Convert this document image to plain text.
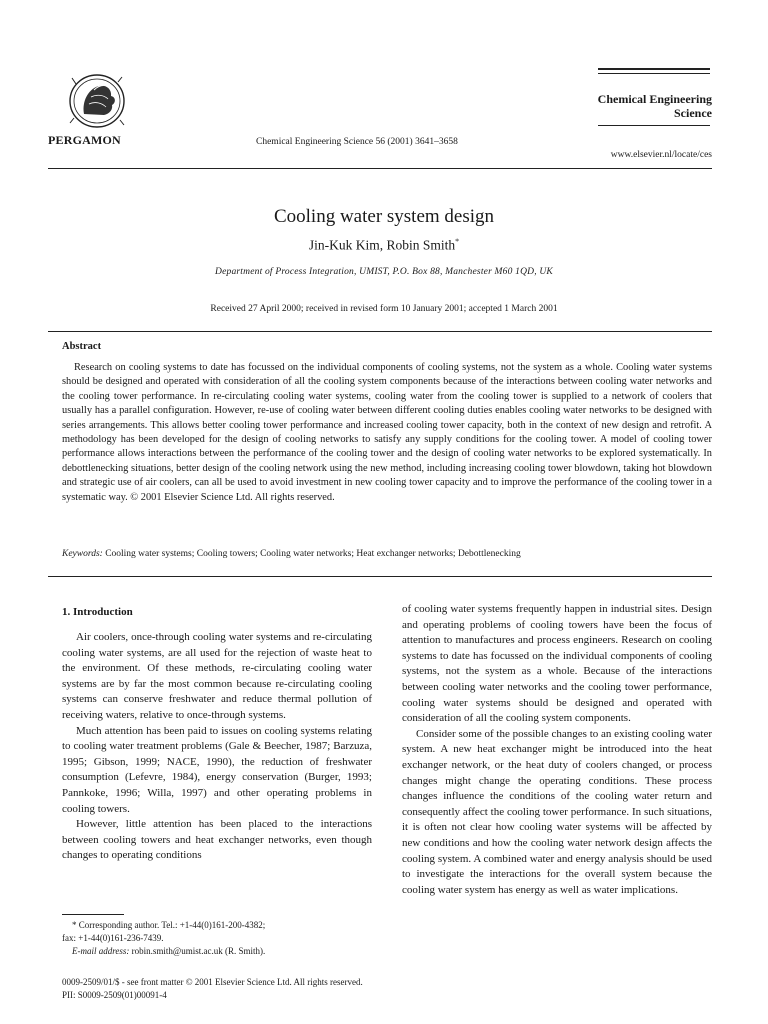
PERGAMON	Chemical Engineering Science 56 (2001) 3641–3658
Chemical Engineering Science
www.elsevier.nl/locate/ces
Cooling water system design
Jin-Kuk Kim, Robin Smith*
Department of Process Integration, UMIST, P.O. Box 88, Manchester M60 1QD, UK
Received 27 April 2000; received in revised form 10 January 2001; accepted 1 March 2001
Abstract
Research on cooling systems to date has focussed on the individual components of cooling systems, not the system as a whole. Cooling water systems should be designed and operated with consideration of all the cooling system components because of the interactions between cooling water networks and the cooling tower performance. In re-circulating cooling water systems, cooling water from the cooling tower is supplied to a network of coolers that usually has a parallel configuration. However, re-use of cooling water between different cooling duties enables cooling water networks to be designed with series arrangements. This allows better cooling tower performance and increased cooling tower capacity, both in the context of new design and retrofit. A methodology has been developed for the design of cooling networks to satisfy any supply conditions for the cooling tower. A model of cooling tower performance allows interactions between the performance of the cooling tower and the design of cooling water networks to be explored systematically. In debottlenecking situations, better design of the cooling network using the new method, including increasing cooling tower blowdown, taking hot blowdown and strategic use of air coolers, can all be used to avoid investment in new cooling tower capacity and to improve the performance of the cooling tower in a systematic way. © 2001 Elsevier Science Ltd. All rights reserved.
Keywords: Cooling water systems; Cooling towers; Cooling water networks; Heat exchanger networks; Debottlenecking
1. Introduction

Air coolers, once-through cooling water systems and re-circulating cooling water systems, are all used for the rejection of waste heat to the environment. Of these methods, re-circulating cooling water systems are by far the most common because re-circulating cooling systems can conserve freshwater and reduce thermal pollution of receiving waters, relative to once-through systems.

Much attention has been paid to issues on cooling systems relating to cooling water treatment problems (Gale & Beecher, 1987; Barzuza, 1995; Gibson, 1999; NACE, 1990), the reduction of freshwater consumption (Lefevre, 1984), energy conservation (Burger, 1993; Pannkoke, 1996; Willa, 1997) and other operating problems in cooling towers.

However, little attention has been placed to the interactions between cooling towers and heat exchanger networks, even though changes to operating conditions

of cooling water systems frequently happen in industrial sites. Design and operating problems of cooling towers have been the focus of attention to manufactures and process engineers. Research on cooling systems to date has focussed on the individual components of cooling systems, not the system as a whole. Because of the interactions between cooling water networks and the cooling tower performance, cooling water systems should be designed and operated with consideration of all the cooling system components.

Consider some of the possible changes to an existing cooling water system. A new heat exchanger might be introduced into the heat exchanger network, or the heat duty of coolers changed, or process changes might change the operating conditions. These process changes influence the conditions of the cooling water return and consequently affect the cooling tower performance. In such situations, it is often not clear how cooling water systems will be affected by new conditions and how the cooling water network design affects the cooling system. A combined water and energy analysis should be used to investigate the interactions for the overall system because the cooling water system has energy as well as water implications.

* Corresponding author. Tel.: +1-44(0)161-200-4382;
fax: +1-44(0)161-236-7439.
E-mail address: robin.smith@umist.ac.uk (R. Smith).
0009-2509/01/$ - see front matter © 2001 Elsevier Science Ltd. All rights reserved.
PII: S0009-2509(01)00091-4
